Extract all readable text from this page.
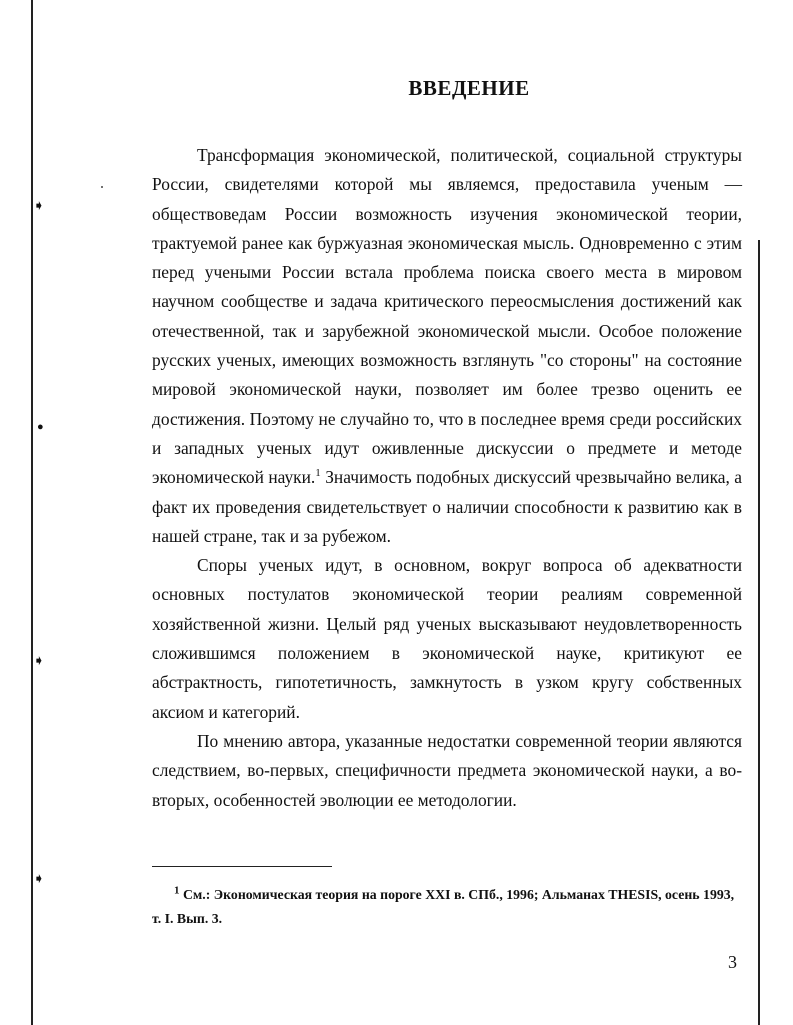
➧
●
➧
➧
ВВЕДЕНИЕ

Трансформация экономической, политической, социальной структуры России, свидетелями которой мы являемся, предоставила ученым — обществоведам России возможность изучения экономической теории, трактуемой ранее как буржуазная экономическая мысль. Одновременно с этим перед учеными России встала проблема поиска своего места в мировом научном сообществе и задача критического переосмысления достижений как отечественной, так и зарубежной экономической мысли. Особое положение русских ученых, имеющих возможность взглянуть "со стороны" на состояние мировой экономической науки, позволяет им более трезво оценить ее достижения. Поэтому не случайно то, что в последнее время среди российских и западных ученых идут оживленные дискуссии о предмете и методе экономической науки.$^1$ Значимость подобных дискуссий чрезвычайно велика, а факт их проведения свидетельствует о наличии способности к развитию как в нашей стране, так и за рубежом.

Споры ученых идут, в основном, вокруг вопроса об адекватности основных постулатов экономической теории реалиям современной хозяйственной жизни. Целый ряд ученых высказывают неудовлетворенность сложившимся положением в экономической науке, критикуют ее абстрактность, гипотетичность, замкнутость в узком кругу собственных аксиом и категорий.

По мнению автора, указанные недостатки современной теории являются следствием, во-первых, специфичности предмета экономической науки, а во-вторых, особенностей эволюции ее методологии.

$^1$ См.: Экономическая теория на пороге XXI в. СПб., 1996; Альманах THESIS, осень 1993, т. I. Вып. 3.

3
